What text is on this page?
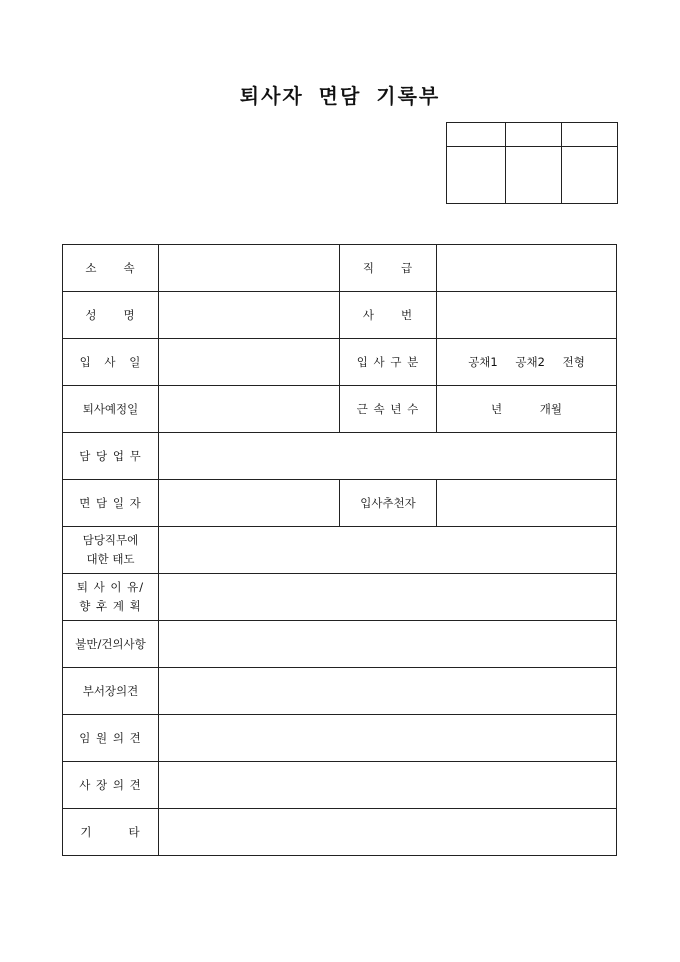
퇴사자 면담 기록부

소 속		직 급	
성 명		사 번	
입 사 일		입 사 구 분	공채1 공채2 전형
퇴사예정일		근 속 년 수	년 개월
담 당 업 무			
면 담 일 자		입사추천자	

담당직무에
대한 태도			

퇴 사 이 유/
향 후 계 획			

불만/건의사항			
부서장의견			
임 원 의 견			
사 장 의 견			
기 타			
